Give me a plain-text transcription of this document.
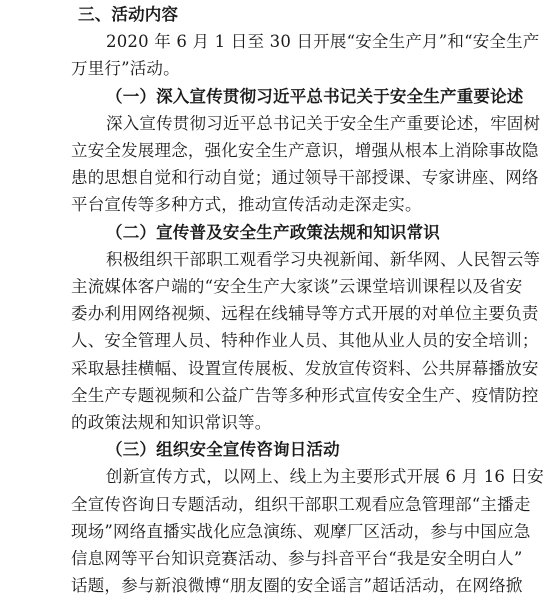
三、活动内容
2020 年 6 月 1 日至 30 日开展“安全生产月”和“安全生产
万里行”活动。
（一）深入宣传贯彻习近平总书记关于安全生产重要论述
深入宣传贯彻习近平总书记关于安全生产重要论述，牢固树
立安全发展理念，强化安全生产意识，增强从根本上消除事故隐
患的思想自觉和行动自觉；通过领导干部授课、专家讲座、网络
平台宣传等多种方式，推动宣传活动走深走实。
（二）宣传普及安全生产政策法规和知识常识
积极组织干部职工观看学习央视新闻、新华网、人民智云等
主流媒体客户端的“安全生产大家谈”云课堂培训课程以及省安
委办利用网络视频、远程在线辅导等方式开展的对单位主要负责
人、安全管理人员、特种作业人员、其他从业人员的安全培训；
采取悬挂横幅、设置宣传展板、发放宣传资料、公共屏幕播放安
全生产专题视频和公益广告等多种形式宣传安全生产、疫情防控
的政策法规和知识常识等。
（三）组织安全宣传咨询日活动
创新宣传方式，以网上、线上为主要形式开展 6 月 16 日安
全宣传咨询日专题活动，组织干部职工观看应急管理部“主播走
现场”网络直播实战化应急演练、观摩厂区活动，参与中国应急
信息网等平台知识竞赛活动、参与抖音平台“我是安全明白人”
话题，参与新浪微博“朋友圈的安全谣言”超话活动，在网络掀
